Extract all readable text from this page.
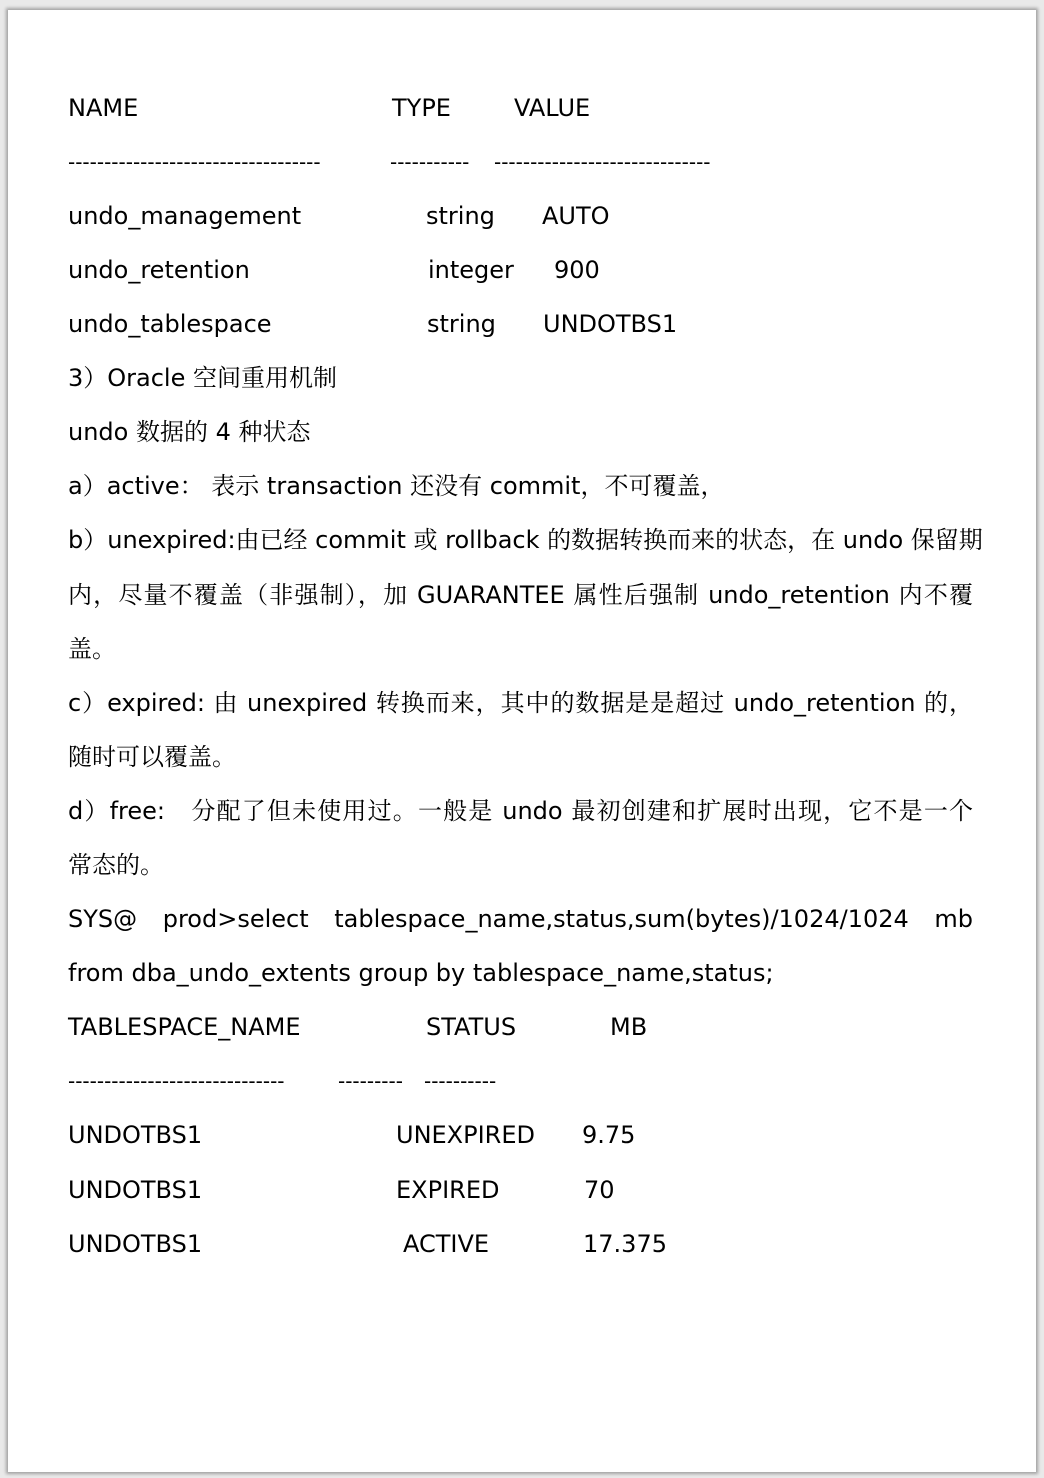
NAME	TYPE	VALUE
-----------------------------------	----------- ------------------------------
undo_management	string AUTO
undo_retention	integer 900
undo_tablespace	string UNDOTBS1
3）Oracle 空间重用机制
undo 数据的 4 种状态
a）active： 表示 transaction 还没有 commit，不可覆盖，
b）unexpired:由已经 commit 或 rollback 的数据转换而来的状态，在 undo 保留期
内，尽量不覆盖（非强制），加 GUARANTEE 属性后强制 undo_retention 内不覆
盖。
c）expired: 由 unexpired 转换而来，其中的数据是是超过 undo_retention 的，
随时可以覆盖。
d）free:   分配了但未使用过。一般是 undo 最初创建和扩展时出现，它不是一个
常态的。
SYS@  prod>select  tablespace_name,status,sum(bytes)/1024/1024  mb
from dba_undo_extents group by tablespace_name,status;
TABLESPACE_NAME	STATUS	MB
------------------------------	--------- ----------
UNDOTBS1	UNEXPIRED 9.75
UNDOTBS1	EXPIRED	70
UNDOTBS1	ACTIVE	17.375
